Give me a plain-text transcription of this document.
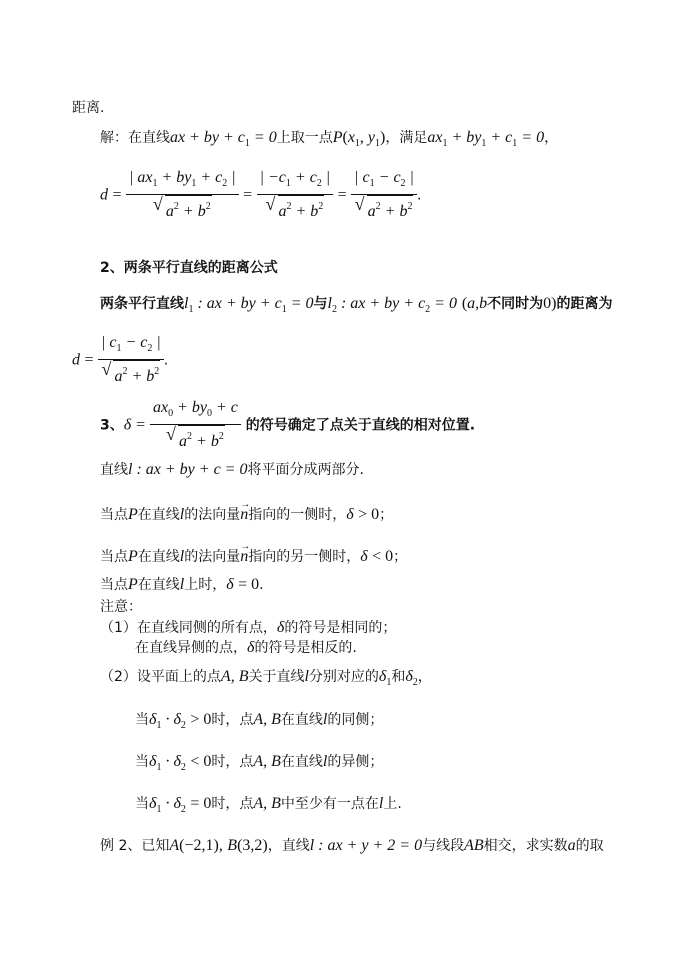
距离.
解：在直线ax + by + $c_1 = 0$上取一点$P(x_1$, $y_1$)，满足$ax_1 + by_1 + c_1 = 0$，
d = | $ax_1 + by_1 + c_2$ |
√ $a^2 + b^2$ = | $-c_1 + c_2$ |
√ $a^2 + b^2$ = | $c_1 - c_2$ |
√ $a^2 + b^2$ .
2、两条平行直线的距离公式
两条平行直线$l_1$ : ax + by + $c_1 = 0$与$l_2$ : ax + by + $c_2 = 0$ (a,b不同时为0)的距离为
d = | $c_1 - c_2$ |
√ $a^2 + b^2$ .
3、$\delta = ax_0 + by_0 + c$
√ $a^2 + b^2$ 的符号确定了点关于直线的相对位置.
直线l : ax + by + c = 0将平面分成两部分.
当点P在直线l的法向量→ n指向的一侧时，δ > 0；
当点P在直线l的法向量→ n指向的另一侧时，δ < 0；
当点P在直线l上时，δ = 0.
注意：
（1）在直线同侧的所有点，δ的符号是相同的；
在直线异侧的点，δ的符号是相反的.
（2）设平面上的点A, B关于直线l分别对应的$\delta_1$和$\delta_2$，
当$\delta_1 \cdot \delta_2 > 0$时，点A, B在直线l的同侧；
当$\delta_1 \cdot \delta_2 < 0$时，点A, B在直线l的异侧；
当$\delta_1 \cdot \delta_2 = 0$时，点A, B中至少有一点在l上.
例 2、已知A(−2,1), B(3,2)，直线l : ax + y + 2 = 0与线段AB相交，求实数a的取
